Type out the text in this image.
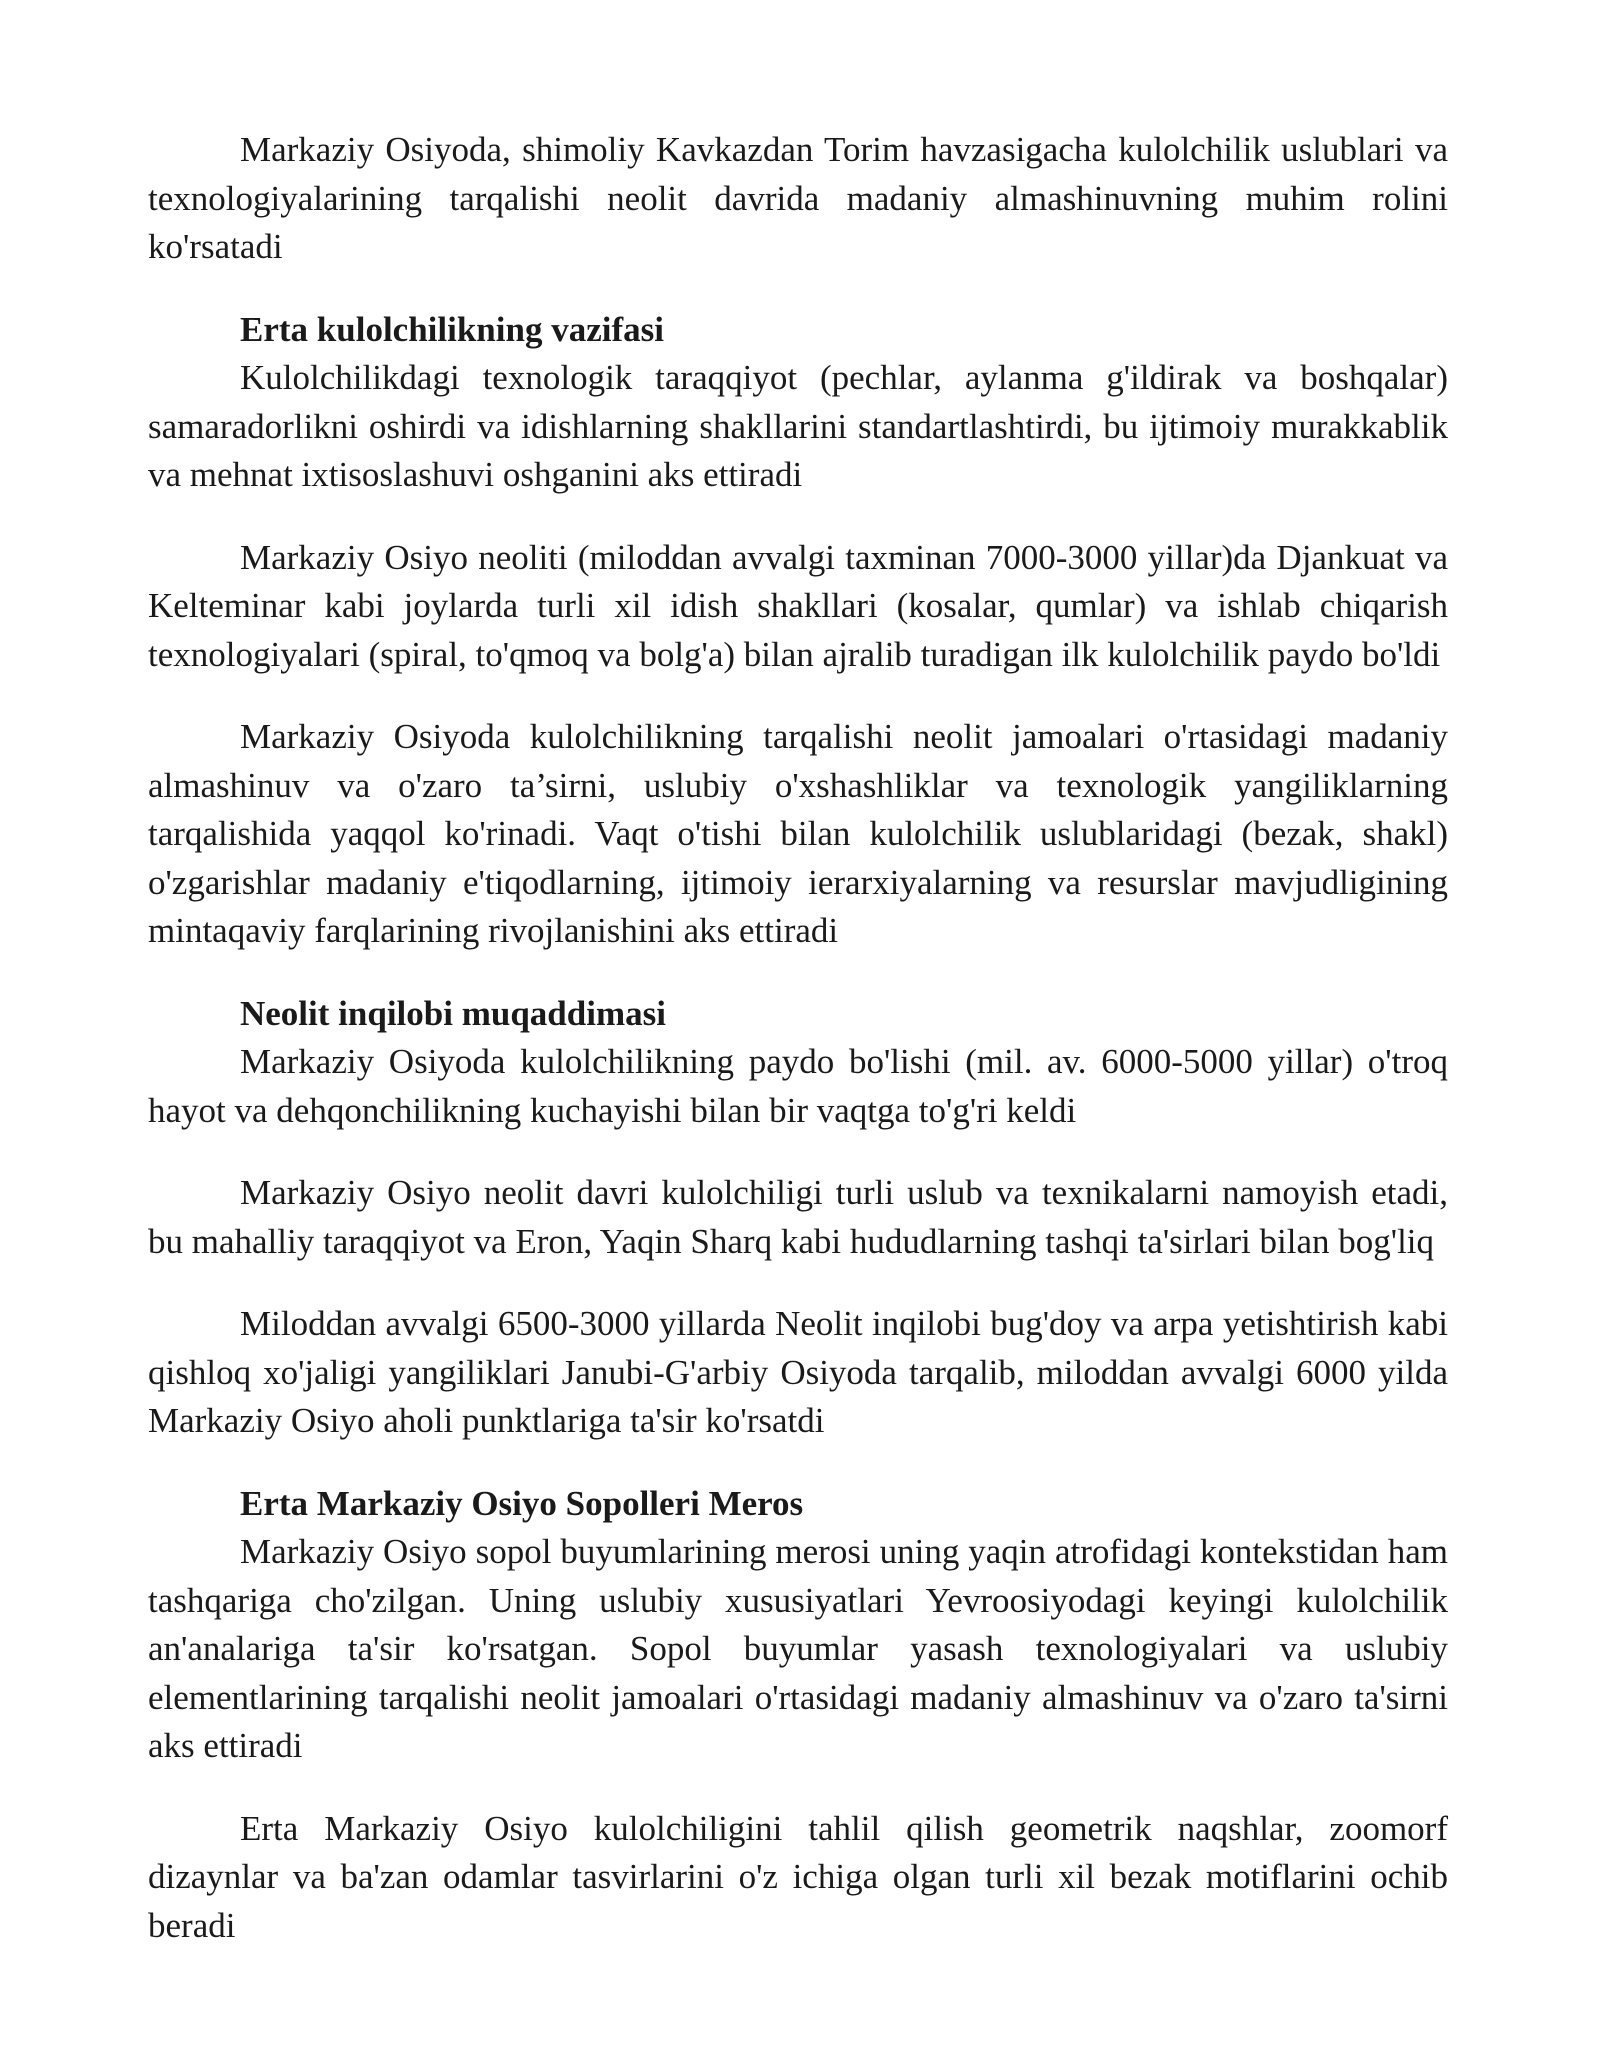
Markaziy Osiyoda, shimoliy Kavkazdan Torim havzasigacha kulolchilik uslublari va texnologiyalarining tarqalishi neolit davrida madaniy almashinuvning muhim rolini ko'rsatadi

Erta kulolchilikning vazifasi

Kulolchilikdagi texnologik taraqqiyot (pechlar, aylanma g'ildirak va boshqalar) samaradorlikni oshirdi va idishlarning shakllarini standartlashtirdi, bu ijtimoiy murakkablik va mehnat ixtisoslashuvi oshganini aks ettiradi

Markaziy Osiyo neoliti (miloddan avvalgi taxminan 7000-3000 yillar)da Djankuat va Kelteminar kabi joylarda turli xil idish shakllari (kosalar, qumlar) va ishlab chiqarish texnologiyalari (spiral, to'qmoq va bolg'a) bilan ajralib turadigan ilk kulolchilik paydo bo'ldi

Markaziy Osiyoda kulolchilikning tarqalishi neolit jamoalari o'rtasidagi madaniy almashinuv va o'zaro ta’sirni, uslubiy o'xshashliklar va texnologik yangiliklarning tarqalishida yaqqol ko'rinadi. Vaqt o'tishi bilan kulolchilik uslublaridagi (bezak, shakl) o'zgarishlar madaniy e'tiqodlarning, ijtimoiy ierarxiyalarning va resurslar mavjudligining mintaqaviy farqlarining rivojlanishini aks ettiradi

Neolit inqilobi muqaddimasi

Markaziy Osiyoda kulolchilikning paydo bo'lishi (mil. av. 6000-5000 yillar) o'troq hayot va dehqonchilikning kuchayishi bilan bir vaqtga to'g'ri keldi

Markaziy Osiyo neolit davri kulolchiligi turli uslub va texnikalarni namoyish etadi, bu mahalliy taraqqiyot va Eron, Yaqin Sharq kabi hududlarning tashqi ta'sirlari bilan bog'liq

Miloddan avvalgi 6500-3000 yillarda Neolit inqilobi bug'doy va arpa yetishtirish kabi qishloq xo'jaligi yangiliklari Janubi-G'arbiy Osiyoda tarqalib, miloddan avvalgi 6000 yilda Markaziy Osiyo aholi punktlariga ta'sir ko'rsatdi

Erta Markaziy Osiyo Sopolleri Meros

Markaziy Osiyo sopol buyumlarining merosi uning yaqin atrofidagi kontekstidan ham tashqariga cho'zilgan. Uning uslubiy xususiyatlari Yevroosiyodagi keyingi kulolchilik an'analariga ta'sir ko'rsatgan. Sopol buyumlar yasash texnologiyalari va uslubiy elementlarining tarqalishi neolit jamoalari o'rtasidagi madaniy almashinuv va o'zaro ta'sirni aks ettiradi

Erta Markaziy Osiyo kulolchiligini tahlil qilish geometrik naqshlar, zoomorf dizaynlar va ba'zan odamlar tasvirlarini o'z ichiga olgan turli xil bezak motiflarini ochib beradi
